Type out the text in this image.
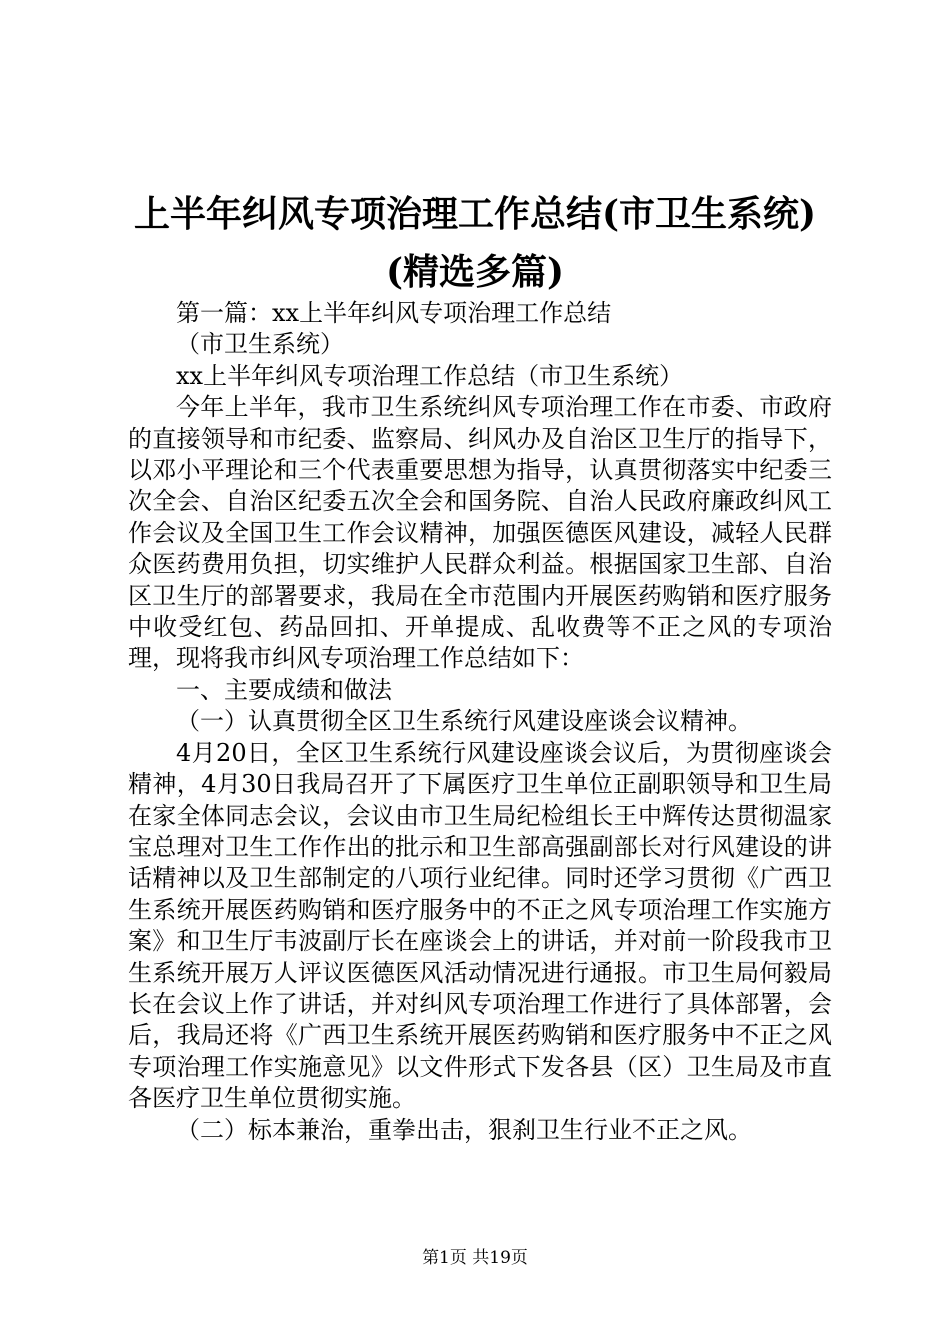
上半年纠风专项治理工作总结(市卫生系统)
(精选多篇)

第一篇：xx上半年纠风专项治理工作总结

（市卫生系统）

xx上半年纠风专项治理工作总结（市卫生系统）

今年上半年，我市卫生系统纠风专项治理工作在市委、市政府的直接领导和市纪委、监察局、纠风办及自治区卫生厅的指导下，以邓小平理论和三个代表重要思想为指导，认真贯彻落实中纪委三次全会、自治区纪委五次全会和国务院、自治人民政府廉政纠风工作会议及全国卫生工作会议精神，加强医德医风建设，减轻人民群众医药费用负担，切实维护人民群众利益。根据国家卫生部、自治区卫生厅的部署要求，我局在全市范围内开展医药购销和医疗服务中收受红包、药品回扣、开单提成、乱收费等不正之风的专项治理，现将我市纠风专项治理工作总结如下：

一、主要成绩和做法

（一）认真贯彻全区卫生系统行风建设座谈会议精神。

4月20日，全区卫生系统行风建设座谈会议后，为贯彻座谈会精神，4月30日我局召开了下属医疗卫生单位正副职领导和卫生局在家全体同志会议，会议由市卫生局纪检组长王中辉传达贯彻温家宝总理对卫生工作作出的批示和卫生部高强副部长对行风建设的讲话精神以及卫生部制定的八项行业纪律。同时还学习贯彻《广西卫生系统开展医药购销和医疗服务中的不正之风专项治理工作实施方案》和卫生厅韦波副厅长在座谈会上的讲话，并对前一阶段我市卫生系统开展万人评议医德医风活动情况进行通报。市卫生局何毅局长在会议上作了讲话，并对纠风专项治理工作进行了具体部署，会后，我局还将《广西卫生系统开展医药购销和医疗服务中不正之风专项治理工作实施意见》以文件形式下发各县（区）卫生局及市直各医疗卫生单位贯彻实施。

（二）标本兼治，重拳出击，狠刹卫生行业不正之风。

第1页 共19页
